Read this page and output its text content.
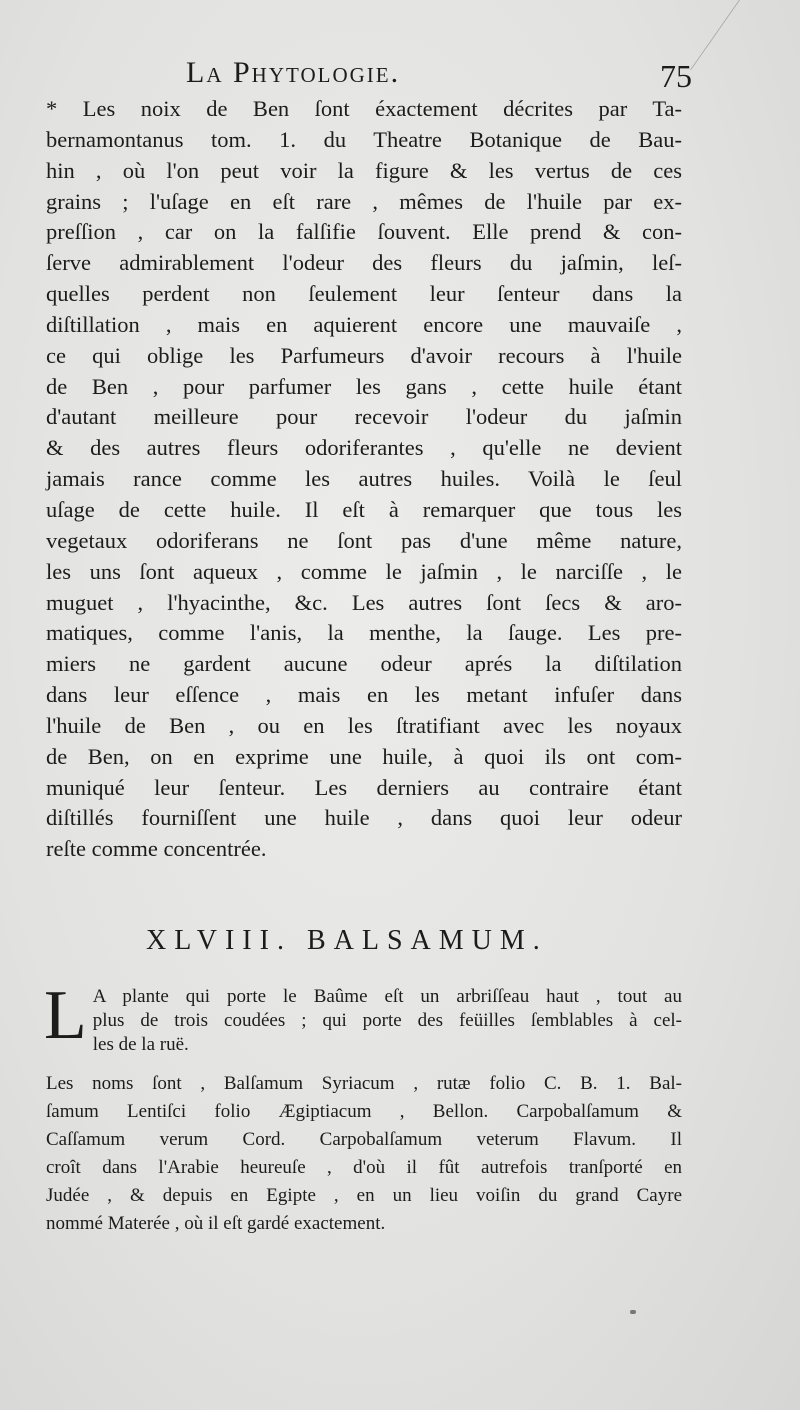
La Phytologie.	75
* Les noix de Ben ſont éxactement décrites par Ta-
bernamontanus tom. 1. du Theatre Botanique de Bau-
hin , où l'on peut voir la figure & les vertus de ces
grains ; l'uſage en eſt rare , mêmes de l'huile par ex-
preſſion , car on la falſifie ſouvent. Elle prend & con-
ſerve admirablement l'odeur des fleurs du jaſmin, leſ-
quelles perdent non ſeulement leur ſenteur dans la
diſtillation , mais en aquierent encore une mauvaiſe ,
ce qui oblige les Parfumeurs d'avoir recours à l'huile
de Ben , pour parfumer les gans , cette huile étant
d'autant meilleure pour recevoir l'odeur du jaſmin
& des autres fleurs odoriferantes , qu'elle ne devient
jamais rance comme les autres huiles. Voilà le ſeul
uſage de cette huile. Il eſt à remarquer que tous les
vegetaux odoriferans ne ſont pas d'une même nature,
les uns ſont aqueux , comme le jaſmin , le narciſſe , le
muguet , l'hyacinthe, &c. Les autres ſont ſecs & aro-
matiques, comme l'anis, la menthe, la ſauge. Les pre-
miers ne gardent aucune odeur aprés la diſtilation
dans leur eſſence , mais en les metant infuſer dans
l'huile de Ben , ou en les ſtratifiant avec les noyaux
de Ben, on en exprime une huile, à quoi ils ont com-
muniqué leur ſenteur. Les derniers au contraire étant
diſtillés fourniſſent une huile , dans quoi leur odeur
reſte comme concentrée.
XLVIII. BALSAMUM.
L A plante qui porte le Baûme eſt un arbriſſeau haut , tout au
plus de trois coudées ; qui porte des feüilles ſemblables à cel-
les de la ruë.
Les noms ſont , Balſamum Syriacum , rutæ folio C. B. 1. Bal-
ſamum Lentiſci folio Ægiptiacum , Bellon. Carpobalſamum &
Caſſamum verum Cord. Carpobalſamum veterum Flavum. Il
croît dans l'Arabie heureuſe , d'où il fût autrefois tranſporté en
Judée , & depuis en Egipte , en un lieu voiſin du grand Cayre
nommé Materée , où il eſt gardé exactement.
